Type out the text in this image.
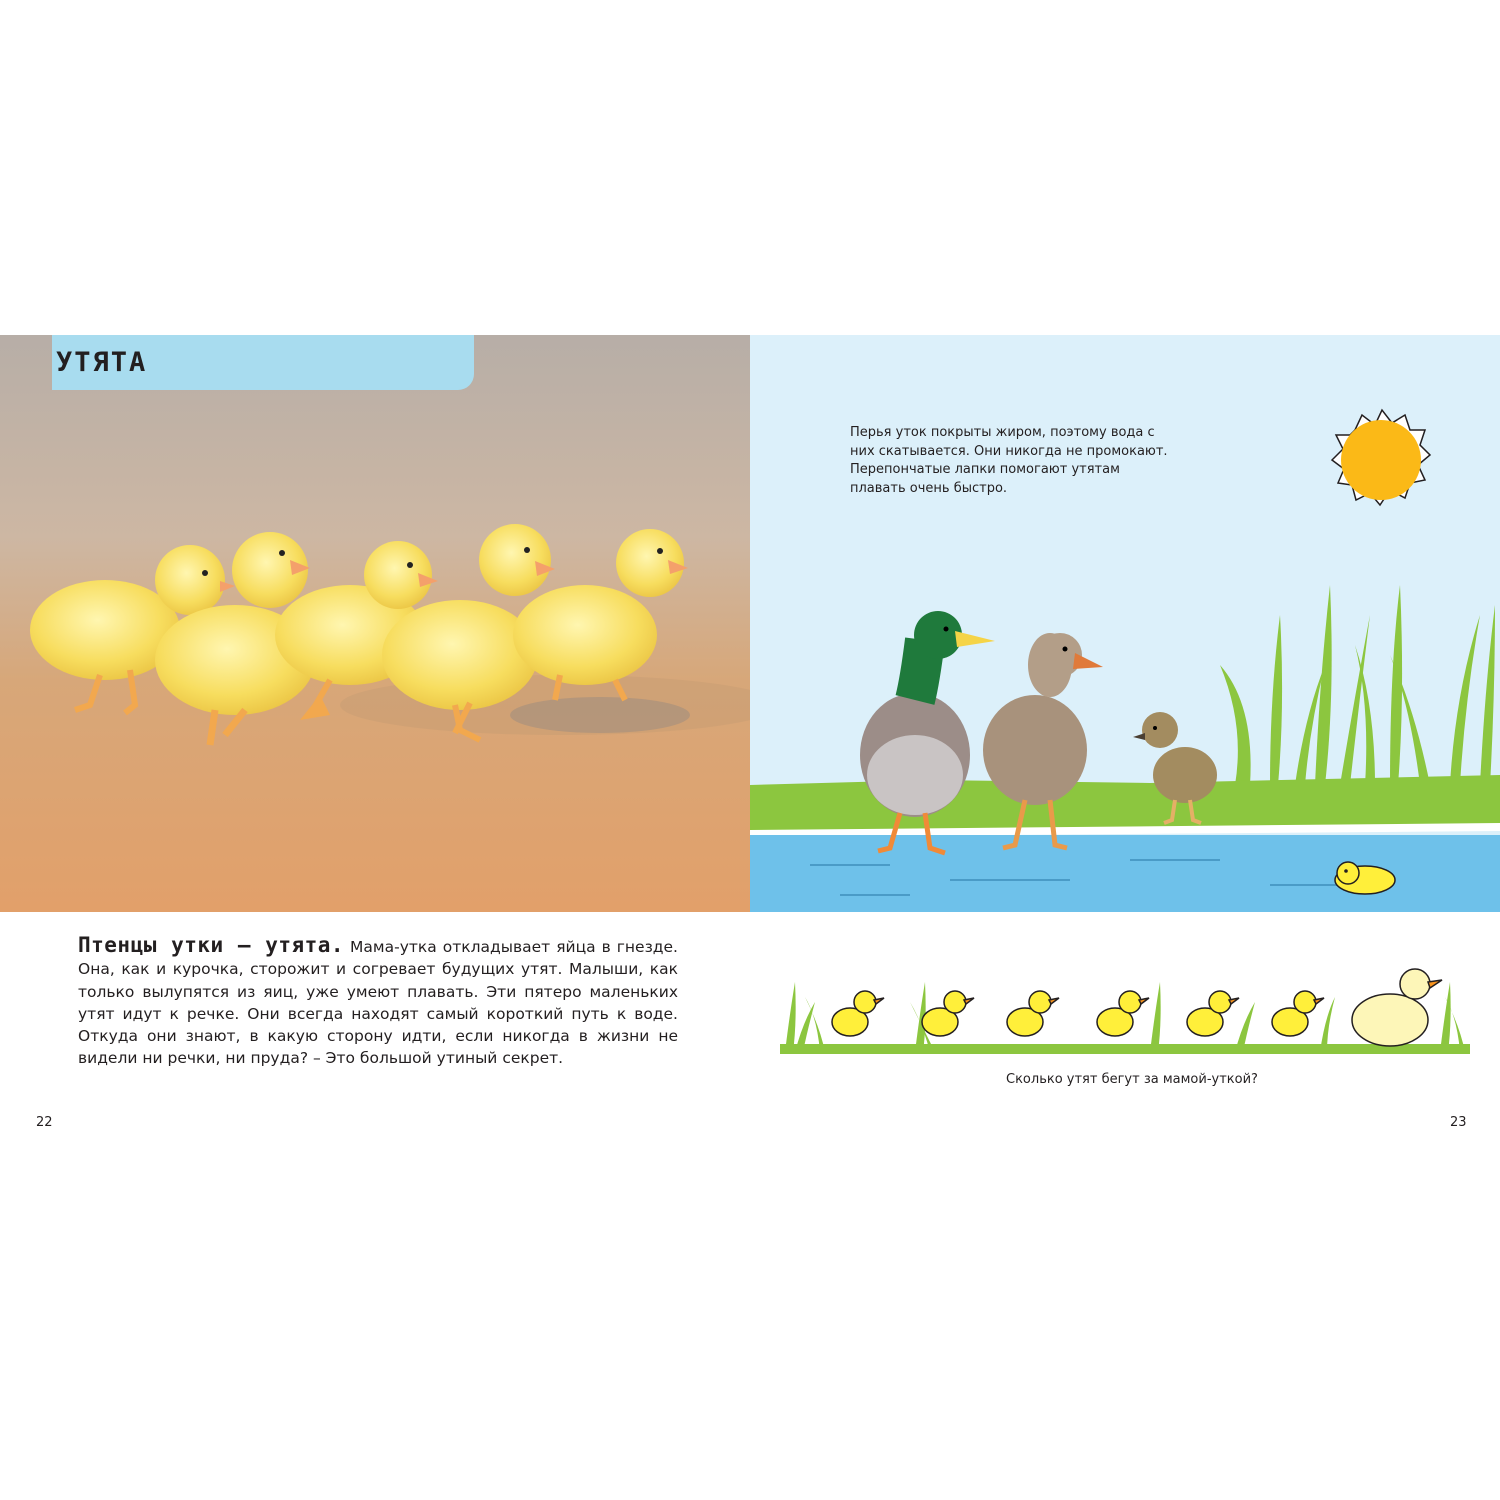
УТЯТА
Птенцы утки – утята. Мама-утка откладывает яйца в гнезде. Она, как и курочка, сторожит и согревает будущих утят. Малыши, как только вылупятся из яиц, уже умеют плавать. Эти пятеро маленьких утят идут к речке. Они всегда находят самый короткий путь к воде. Откуда они знают, в какую сторону идти, если никогда в жизни не видели ни речки, ни пруда? – Это большой утиный секрет.
22
Перья уток покрыты жиром, поэтому вода с них скатывается. Они никогда не промокают. Перепончатые лапки помогают утятам плавать очень быстро.
Сколько утят бегут за мамой-уткой?
23
